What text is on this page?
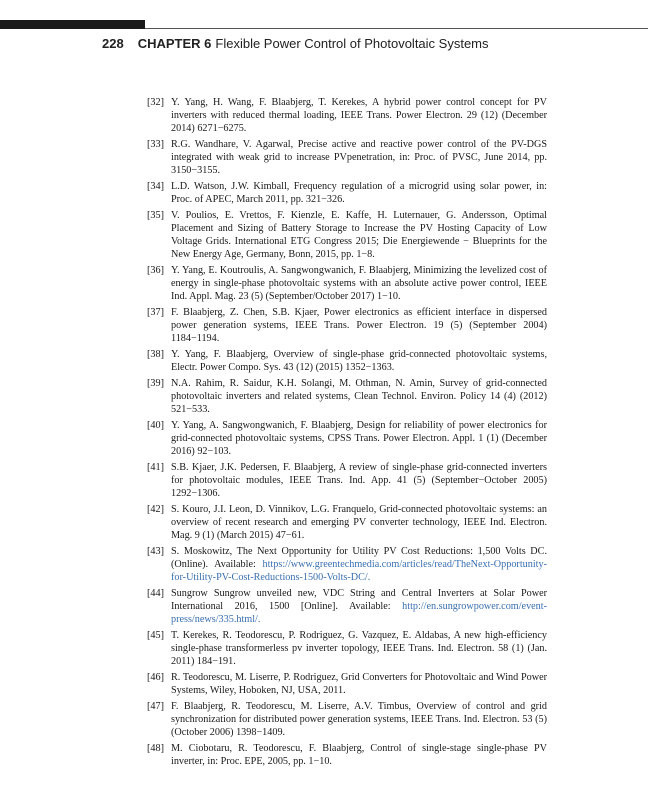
228 CHAPTER 6 Flexible Power Control of Photovoltaic Systems
[32] Y. Yang, H. Wang, F. Blaabjerg, T. Kerekes, A hybrid power control concept for PV inverters with reduced thermal loading, IEEE Trans. Power Electron. 29 (12) (December 2014) 6271−6275.
[33] R.G. Wandhare, V. Agarwal, Precise active and reactive power control of the PV-DGS integrated with weak grid to increase PVpenetration, in: Proc. of PVSC, June 2014, pp. 3150−3155.
[34] L.D. Watson, J.W. Kimball, Frequency regulation of a microgrid using solar power, in: Proc. of APEC, March 2011, pp. 321−326.
[35] V. Poulios, E. Vrettos, F. Kienzle, E. Kaffe, H. Luternauer, G. Andersson, Optimal Placement and Sizing of Battery Storage to Increase the PV Hosting Capacity of Low Voltage Grids. International ETG Congress 2015; Die Energiewende − Blueprints for the New Energy Age, Germany, Bonn, 2015, pp. 1−8.
[36] Y. Yang, E. Koutroulis, A. Sangwongwanich, F. Blaabjerg, Minimizing the levelized cost of energy in single-phase photovoltaic systems with an absolute active power control, IEEE Ind. Appl. Mag. 23 (5) (September/October 2017) 1−10.
[37] F. Blaabjerg, Z. Chen, S.B. Kjaer, Power electronics as efficient interface in dispersed power generation systems, IEEE Trans. Power Electron. 19 (5) (September 2004) 1184−1194.
[38] Y. Yang, F. Blaabjerg, Overview of single-phase grid-connected photovoltaic systems, Electr. Power Compo. Sys. 43 (12) (2015) 1352−1363.
[39] N.A. Rahim, R. Saidur, K.H. Solangi, M. Othman, N. Amin, Survey of grid-connected photovoltaic inverters and related systems, Clean Technol. Environ. Policy 14 (4) (2012) 521−533.
[40] Y. Yang, A. Sangwongwanich, F. Blaabjerg, Design for reliability of power electronics for grid-connected photovoltaic systems, CPSS Trans. Power Electron. Appl. 1 (1) (December 2016) 92−103.
[41] S.B. Kjaer, J.K. Pedersen, F. Blaabjerg, A review of single-phase grid-connected inverters for photovoltaic modules, IEEE Trans. Ind. App. 41 (5) (September−October 2005) 1292−1306.
[42] S. Kouro, J.I. Leon, D. Vinnikov, L.G. Franquelo, Grid-connected photovoltaic systems: an overview of recent research and emerging PV converter technology, IEEE Ind. Electron. Mag. 9 (1) (March 2015) 47−61.
[43] S. Moskowitz, The Next Opportunity for Utility PV Cost Reductions: 1,500 Volts DC. (Online). Available: https://www.greentechmedia.com/articles/read/TheNext-Opportunity-for-Utility-PV-Cost-Reductions-1500-Volts-DC/.
[44] Sungrow Sungrow unveiled new, VDC String and Central Inverters at Solar Power International 2016, 1500 [Online]. Available: http://en.sungrowpower.com/event-press/news/335.html/.
[45] T. Kerekes, R. Teodorescu, P. Rodriguez, G. Vazquez, E. Aldabas, A new high-efficiency single-phase transformerless pv inverter topology, IEEE Trans. Ind. Electron. 58 (1) (Jan. 2011) 184−191.
[46] R. Teodorescu, M. Liserre, P. Rodriguez, Grid Converters for Photovoltaic and Wind Power Systems, Wiley, Hoboken, NJ, USA, 2011.
[47] F. Blaabjerg, R. Teodorescu, M. Liserre, A.V. Timbus, Overview of control and grid synchronization for distributed power generation systems, IEEE Trans. Ind. Electron. 53 (5) (October 2006) 1398−1409.
[48] M. Ciobotaru, R. Teodorescu, F. Blaabjerg, Control of single-stage single-phase PV inverter, in: Proc. EPE, 2005, pp. 1−10.
